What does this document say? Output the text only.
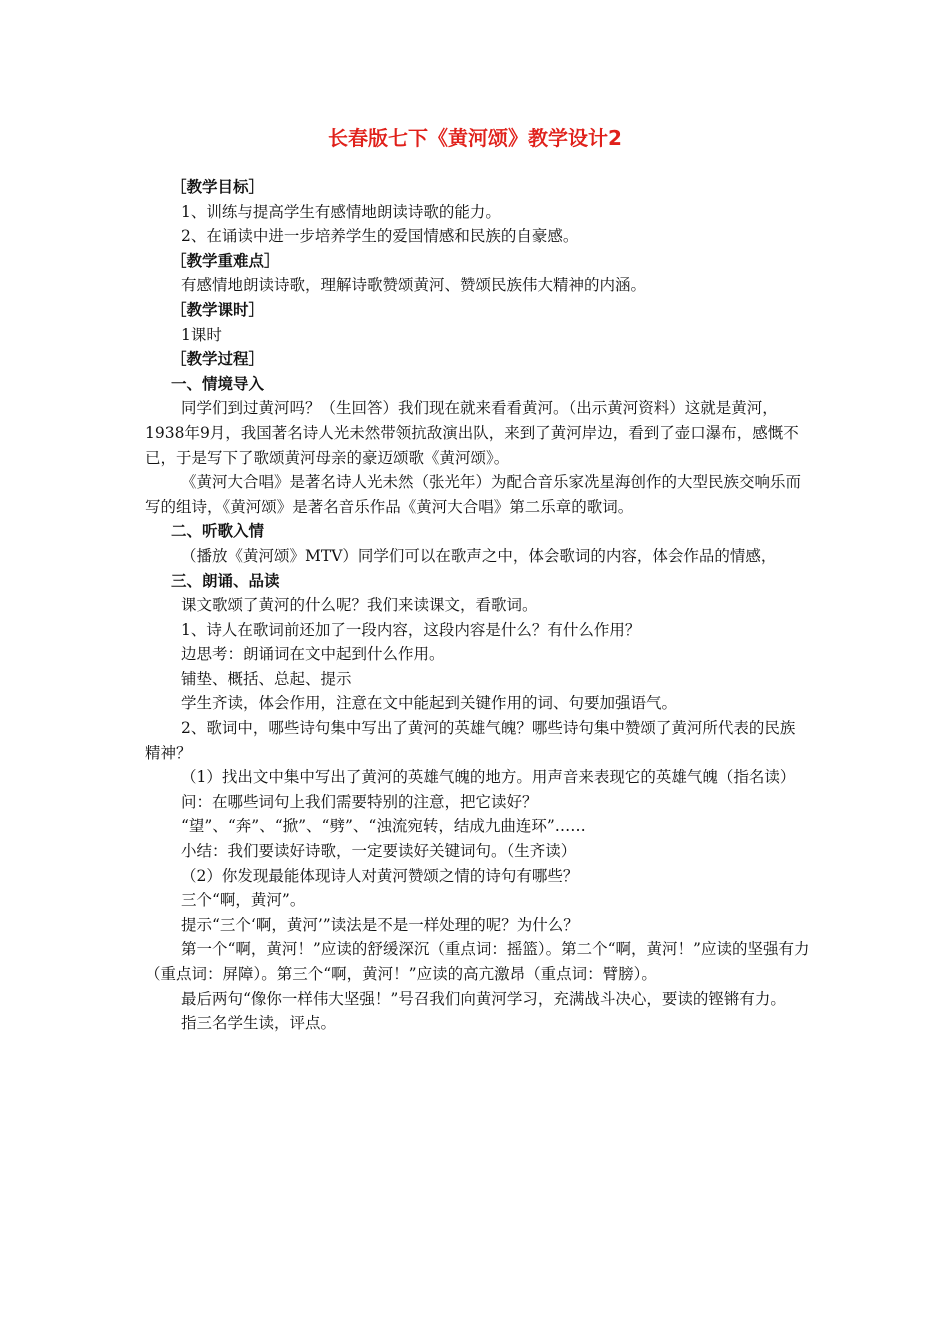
长春版七下《黄河颂》教学设计2

［教学目标］

1、训练与提高学生有感情地朗读诗歌的能力。

2、在诵读中进一步培养学生的爱国情感和民族的自豪感。

［教学重难点］

有感情地朗读诗歌，理解诗歌赞颂黄河、赞颂民族伟大精神的内涵。

［教学课时］

1课时

［教学过程］

一、情境导入

同学们到过黄河吗？（生回答）我们现在就来看看黄河。（出示黄河资料）这就是黄河， 1938年9月，我国著名诗人光未然带领抗敌演出队，来到了黄河岸边，看到了壶口瀑布，感慨不已，于是写下了歌颂黄河母亲的豪迈颂歌《黄河颂》。

《黄河大合唱》是著名诗人光未然（张光年）为配合音乐家冼星海创作的大型民族交响乐而写的组诗，《黄河颂》是著名音乐作品《黄河大合唱》第二乐章的歌词。

二、听歌入情

（播放《黄河颂》MTV）同学们可以在歌声之中，体会歌词的内容，体会作品的情感，

三、朗诵、品读

课文歌颂了黄河的什么呢？我们来读课文，看歌词。

1、诗人在歌词前还加了一段内容，这段内容是什么？有什么作用？

边思考：朗诵词在文中起到什么作用。

铺垫、概括、总起、提示

学生齐读，体会作用，注意在文中能起到关键作用的词、句要加强语气。

2、歌词中，哪些诗句集中写出了黄河的英雄气魄？哪些诗句集中赞颂了黄河所代表的民族精神？

（1）找出文中集中写出了黄河的英雄气魄的地方。用声音来表现它的英雄气魄（指名读）

问：在哪些词句上我们需要特别的注意，把它读好？

“望”、“奔”、“掀”、“劈”、“浊流宛转，结成九曲连环”……

小结：我们要读好诗歌，一定要读好关键词句。（生齐读）

（2）你发现最能体现诗人对黄河赞颂之情的诗句有哪些？

三个“啊，黄河”。

提示“三个‘啊，黄河’”读法是不是一样处理的呢？为什么？

第一个“啊，黄河！”应读的舒缓深沉（重点词：摇篮）。第二个“啊，黄河！”应读的坚强有力（重点词：屏障）。第三个“啊，黄河！”应读的高亢激昂（重点词：臂膀）。

最后两句“像你一样伟大坚强！”号召我们向黄河学习，充满战斗决心，要读的铿锵有力。

指三名学生读，评点。
